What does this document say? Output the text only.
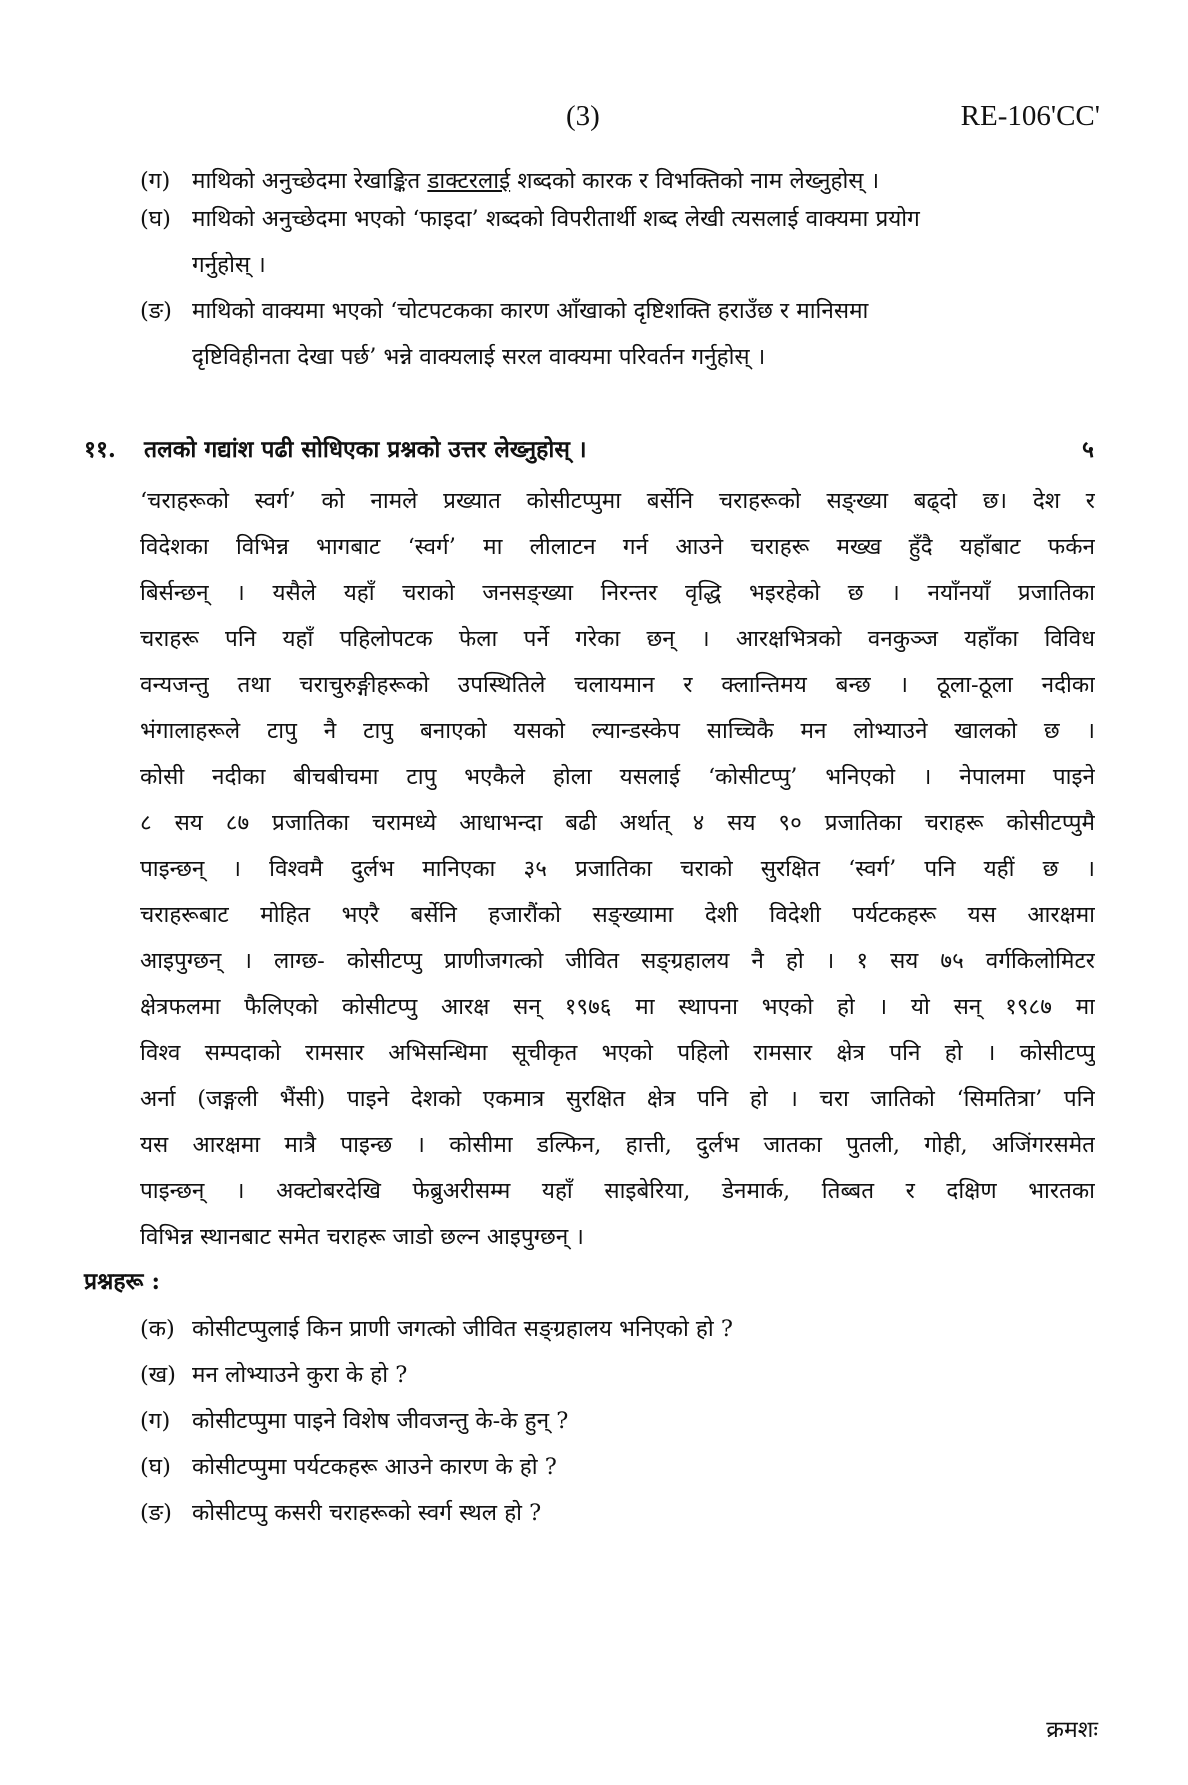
(3)	RE-106'CC'
(ग) माथिको अनुच्छेदमा रेखाङ्कित डाक्टरलाई शब्दको कारक र विभक्तिको नाम लेख्नुहोस् ।
(घ) माथिको अनुच्छेदमा भएको ‘फाइदा’ शब्दको विपरीतार्थी शब्द लेखी त्यसलाई वाक्यमा प्रयोग
गर्नुहोस् ।
(ङ) माथिको वाक्यमा भएको ‘चोटपटकका कारण आँखाको दृष्टिशक्ति हराउँछ र मानिसमा
दृष्टिविहीनता देखा पर्छ’ भन्ने वाक्यलाई सरल वाक्यमा परिवर्तन गर्नुहोस् ।
११. तलको गद्यांश पढी सोधिएका प्रश्नको उत्तर लेख्नुहोस् ।	५
‘चराहरूको स्वर्ग’ को नामले प्रख्यात कोसीटप्पुमा बर्सेनि चराहरूको सङ्ख्या बढ्दो छ। देश र
विदेशका विभिन्न भागबाट ‘स्वर्ग’ मा लीलाटन गर्न आउने चराहरू मख्ख हुँदै यहाँबाट फर्कन
बिर्सन्छन् । यसैले यहाँ चराको जनसङ्ख्या निरन्तर वृद्धि भइरहेको छ । नयाँनयाँ प्रजातिका
चराहरू पनि यहाँ पहिलोपटक फेला पर्ने गरेका छन् । आरक्षभित्रको वनकुञ्ज यहाँका विविध
वन्यजन्तु तथा चराचुरुङ्गीहरूको उपस्थितिले चलायमान र क्लान्तिमय बन्छ । ठूला-ठूला नदीका
भंगालाहरूले टापु नै टापु बनाएको यसको ल्यान्डस्केप साच्चिकै मन लोभ्याउने खालको छ ।
कोसी नदीका बीचबीचमा टापु भएकैले होला यसलाई ‘कोसीटप्पु’ भनिएको । नेपालमा पाइने
८ सय ८७ प्रजातिका चरामध्ये आधाभन्दा बढी अर्थात् ४ सय ९० प्रजातिका चराहरू कोसीटप्पुमै
पाइन्छन् । विश्वमै दुर्लभ मानिएका ३५ प्रजातिका चराको सुरक्षित ‘स्वर्ग’ पनि यहीं छ ।
चराहरूबाट मोहित भएरै बर्सेनि हजारौंको सङ्ख्यामा देशी विदेशी पर्यटकहरू यस आरक्षमा
आइपुग्छन् । लाग्छ- कोसीटप्पु प्राणीजगत्को जीवित सङ्ग्रहालय नै हो । १ सय ७५ वर्गकिलोमिटर
क्षेत्रफलमा फैलिएको कोसीटप्पु आरक्ष सन् १९७६ मा स्थापना भएको हो । यो सन् १९८७ मा
विश्व सम्पदाको रामसार अभिसन्धिमा सूचीकृत भएको पहिलो रामसार क्षेत्र पनि हो । कोसीटप्पु
अर्ना (जङ्गली भैंसी) पाइने देशको एकमात्र सुरक्षित क्षेत्र पनि हो । चरा जातिको ‘सिमतित्रा’ पनि
यस आरक्षमा मात्रै पाइन्छ । कोसीमा डल्फिन, हात्ती, दुर्लभ जातका पुतली, गोही, अजिंगरसमेत
पाइन्छन् । अक्टोबरदेखि फेब्रुअरीसम्म यहाँ साइबेरिया, डेनमार्क, तिब्बत र दक्षिण भारतका
विभिन्न स्थानबाट समेत चराहरू जाडो छल्न आइपुग्छन् ।
प्रश्नहरू :
(क) कोसीटप्पुलाई किन प्राणी जगत्को जीवित सङ्ग्रहालय भनिएको हो ?
(ख) मन लोभ्याउने कुरा के हो ?
(ग) कोसीटप्पुमा पाइने विशेष जीवजन्तु के-के हुन् ?
(घ) कोसीटप्पुमा पर्यटकहरू आउने कारण के हो ?
(ङ) कोसीटप्पु कसरी चराहरूको स्वर्ग स्थल हो ?
क्रमशः
